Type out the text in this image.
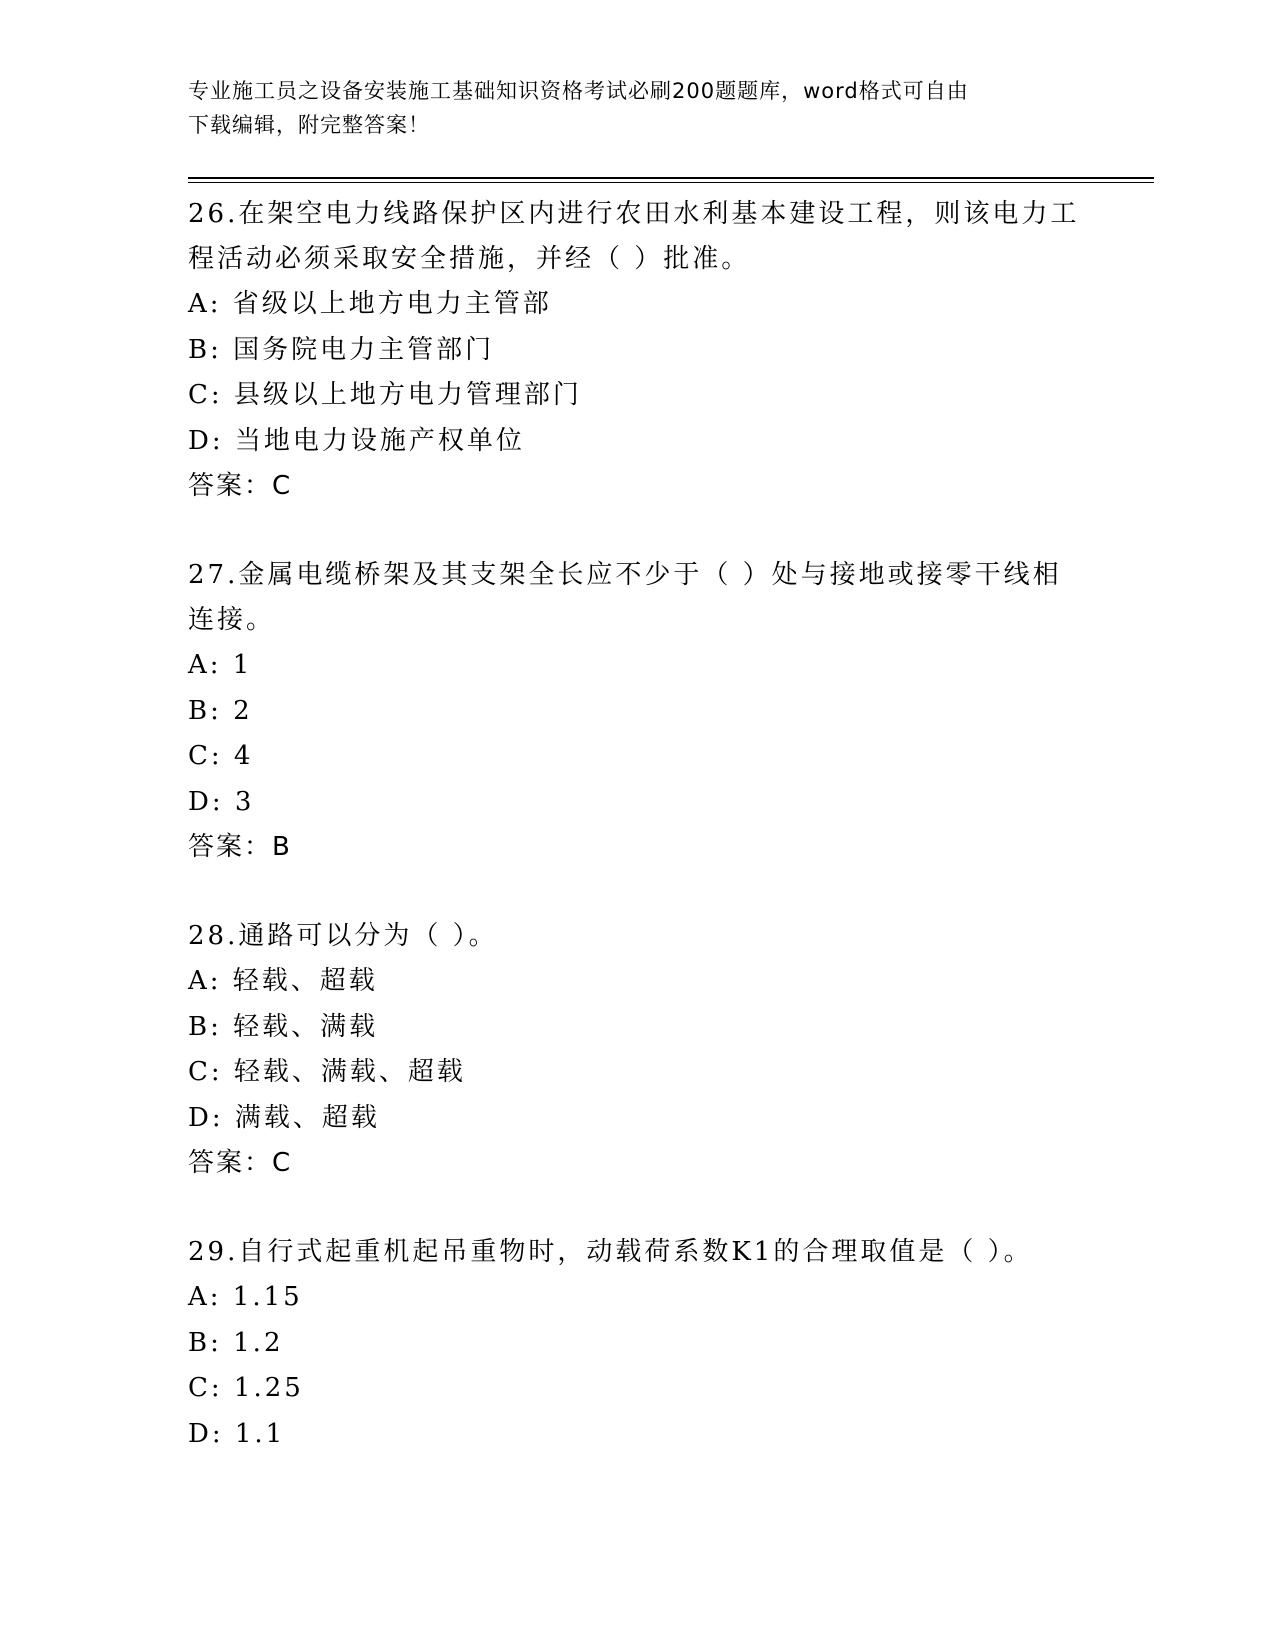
专业施工员之设备安装施工基础知识资格考试必刷200题题库，word格式可自由
下载编辑，附完整答案！

26.在架空电力线路保护区内进行农田水利基本建设工程，则该电力工

程活动必须采取安全措施，并经（ ）批准。

A: 省级以上地方电力主管部

B: 国务院电力主管部门

C: 县级以上地方电力管理部门

D: 当地电力设施产权单位

答案：C

27.金属电缆桥架及其支架全长应不少于（ ）处与接地或接零干线相

连接。

A: 1

B: 2

C: 4

D: 3

答案：B

28.通路可以分为（ ）。

A: 轻载、超载

B: 轻载、满载

C: 轻载、满载、超载

D: 满载、超载

答案：C

29.自行式起重机起吊重物时，动载荷系数K1的合理取值是（ ）。

A: 1.15

B: 1.2

C: 1.25

D: 1.1
